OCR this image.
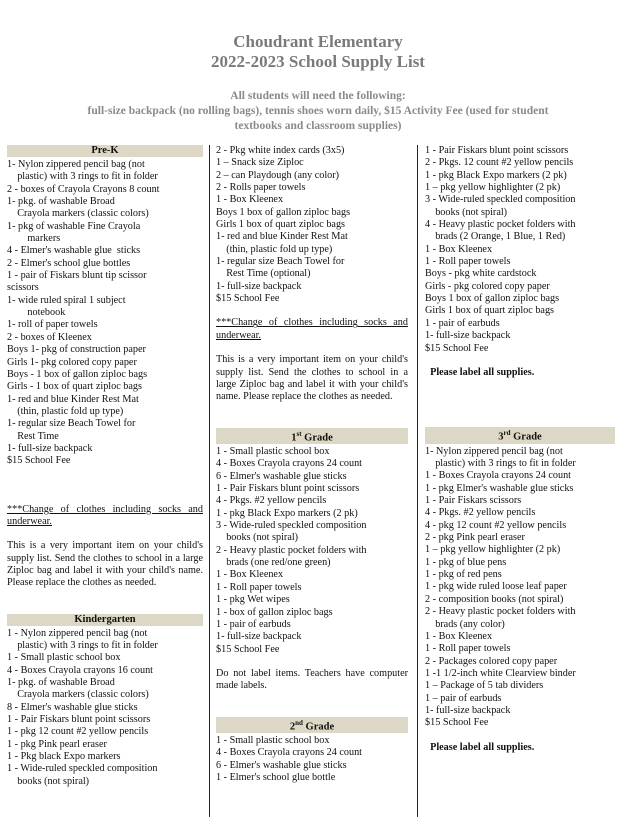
Choudrant Elementary
2022-2023 School Supply List
All students will need the following:
full-size backpack (no rolling bags), tennis shoes worn daily, $15 Activity Fee (used for student
textbooks and classroom supplies)
Pre-K
1- Nylon zippered pencil bag (not
plastic) with 3 rings to fit in folder
2 - boxes of Crayola Crayons 8 count
1- pkg. of washable Broad
Crayola markers (classic colors)
1- pkg of washable Fine Crayola
markers
4 - Elmer's washable glue  sticks
2 - Elmer's school glue bottles
1 - pair of Fiskars blunt tip scissor
scissors
1- wide ruled spiral 1 subject
notebook
1- roll of paper towels
2 - boxes of Kleenex
Boys 1- pkg of construction paper
Girls 1- pkg colored copy paper
Boys - 1 box of gallon ziploc bags
Girls - 1 box of quart ziploc bags
1- red and blue Kinder Rest Mat
(thin, plastic fold up type)
1- regular size Beach Towel for
Rest Time
1- full-size backpack
$15 School Fee
***Change of clothes including socks and underwear.
This is a very important item on your child's supply list. Send the clothes to school in a large Ziploc bag and label it with your child's name. Please replace the clothes as needed.
Kindergarten
1 - Nylon zippered pencil bag (not
plastic) with 3 rings to fit in folder
1 - Small plastic school box
4 - Boxes Crayola crayons 16 count
1- pkg. of washable Broad
Crayola markers (classic colors)
8 - Elmer's washable glue sticks
1 - Pair Fiskars blunt point scissors
1 - pkg 12 count #2 yellow pencils
1 - pkg Pink pearl eraser
1 - Pkg black Expo markers
1 - Wide-ruled speckled composition
books (not spiral)
2 - Pkg white index cards (3x5)
1 – Snack size Ziploc
2 – can Playdough (any color)
2 - Rolls paper towels
1 - Box Kleenex
Boys 1 box of gallon ziploc bags
Girls 1 box of quart ziploc bags
1- red and blue Kinder Rest Mat
(thin, plastic fold up type)
1- regular size Beach Towel for
Rest Time (optional)
1- full-size backpack
$15 School Fee
***Change of clothes including socks and underwear.
This is a very important item on your child's supply list. Send the clothes to school in a large Ziploc bag and label it with your child's name. Please replace the clothes as needed.
1st Grade
1 - Small plastic school box
4 - Boxes Crayola crayons 24 count
6 - Elmer's washable glue sticks
1 - Pair Fiskars blunt point scissors
4 - Pkgs. #2 yellow pencils
1 - pkg Black Expo markers (2 pk)
3 - Wide-ruled speckled composition
books (not spiral)
2 - Heavy plastic pocket folders with
brads (one red/one green)
1 - Box Kleenex
1 - Roll paper towels
1 - pkg Wet wipes
1 - box of gallon ziploc bags
1 - pair of earbuds
1- full-size backpack
$15 School Fee
Do not label items. Teachers have computer made labels.
2nd Grade
1 - Small plastic school box
4 - Boxes Crayola crayons 24 count
6 - Elmer's washable glue sticks
1 - Elmer's school glue bottle
1 - Pair Fiskars blunt point scissors
2 - Pkgs. 12 count #2 yellow pencils
1 - pkg Black Expo markers (2 pk)
1 – pkg yellow highlighter (2 pk)
3 - Wide-ruled speckled composition
books (not spiral)
4 - Heavy plastic pocket folders with
brads (2 Orange, 1 Blue, 1 Red)
1 - Box Kleenex
1 - Roll paper towels
Boys - pkg white cardstock
Girls - pkg colored copy paper
Boys 1 box of gallon ziploc bags
Girls 1 box of quart ziploc bags
1 - pair of earbuds
1- full-size backpack
$15 School Fee
Please label all supplies.
3rd Grade
1- Nylon zippered pencil bag (not
plastic) with 3 rings to fit in folder
1 - Boxes Crayola crayons 24 count
1 - pkg Elmer's washable glue sticks
1 - Pair Fiskars scissors
4 - Pkgs. #2 yellow pencils
4 - pkg 12 count #2 yellow pencils
2 - pkg Pink pearl eraser
1 – pkg yellow highlighter (2 pk)
1 - pkg of blue pens
1 - pkg of red pens
1 - pkg wide ruled loose leaf paper
2 - composition books (not spiral)
2 - Heavy plastic pocket folders with
brads (any color)
1 - Box Kleenex
1 - Roll paper towels
2 - Packages colored copy paper
1 -1 1/2-inch white Clearview binder
1 – Package of 5 tab dividers
1 – pair of earbuds
1- full-size backpack
$15 School Fee
Please label all supplies.
